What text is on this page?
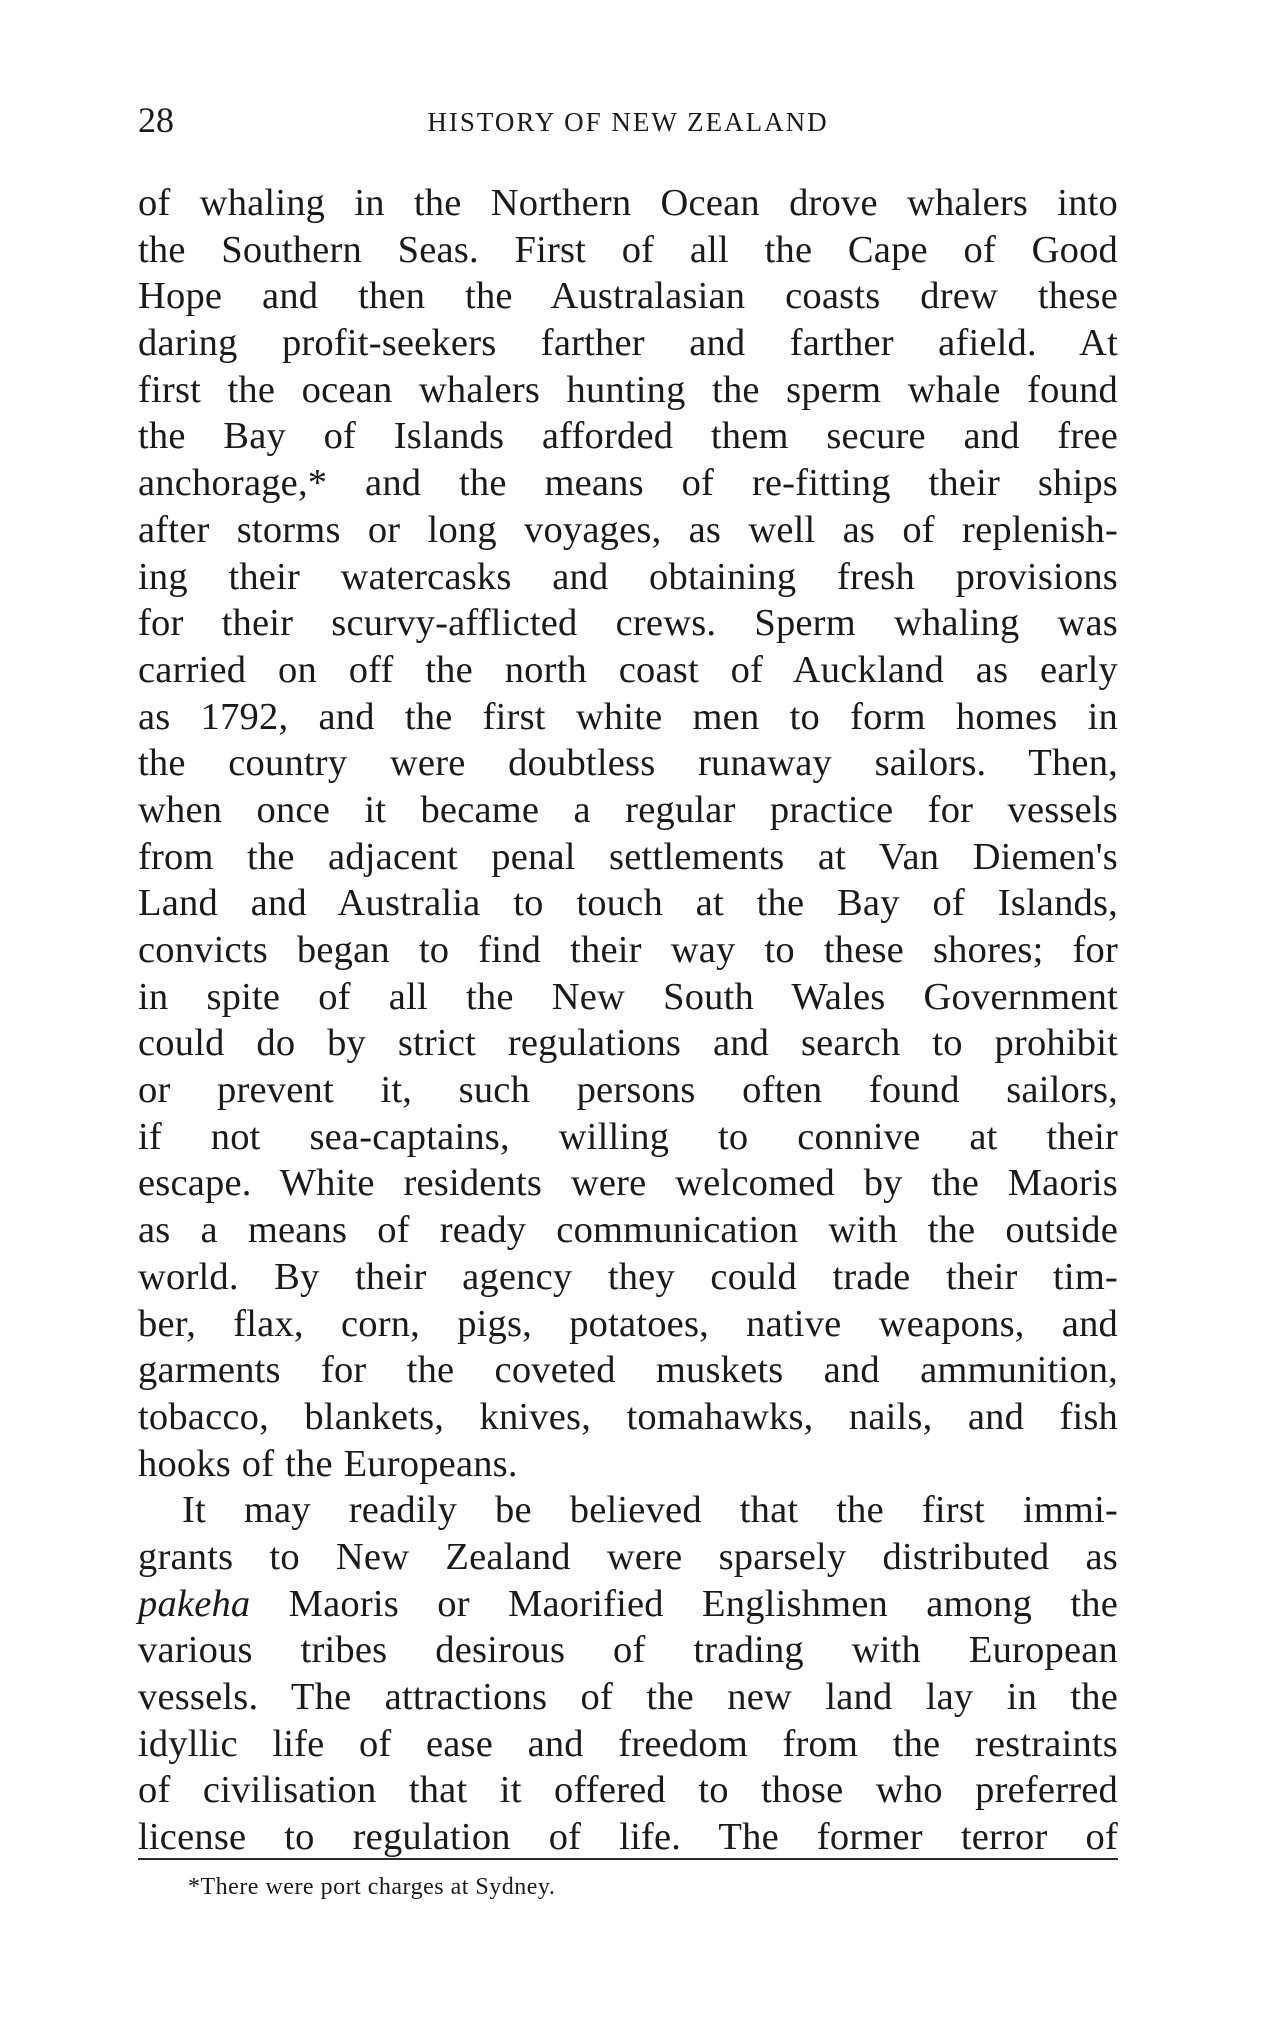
28	HISTORY OF NEW ZEALAND
of whaling in the Northern Ocean drove whalers into
the Southern Seas. First of all the Cape of Good
Hope and then the Australasian coasts drew these
daring profit-seekers farther and farther afield. At
first the ocean whalers hunting the sperm whale found
the Bay of Islands afforded them secure and free
anchorage,* and the means of re-fitting their ships
after storms or long voyages, as well as of replenish-
ing their watercasks and obtaining fresh provisions
for their scurvy-afflicted crews. Sperm whaling was
carried on off the north coast of Auckland as early
as 1792, and the first white men to form homes in
the country were doubtless runaway sailors. Then,
when once it became a regular practice for vessels
from the adjacent penal settlements at Van Diemen's
Land and Australia to touch at the Bay of Islands,
convicts began to find their way to these shores; for
in spite of all the New South Wales Government
could do by strict regulations and search to prohibit
or prevent it, such persons often found sailors,
if not sea-captains, willing to connive at their
escape. White residents were welcomed by the Maoris
as a means of ready communication with the outside
world. By their agency they could trade their tim-
ber, flax, corn, pigs, potatoes, native weapons, and
garments for the coveted muskets and ammunition,
tobacco, blankets, knives, tomahawks, nails, and fish
hooks of the Europeans.
It may readily be believed that the first immi-
grants to New Zealand were sparsely distributed as
pakeha Maoris or Maorified Englishmen among the
various tribes desirous of trading with European
vessels. The attractions of the new land lay in the
idyllic life of ease and freedom from the restraints
of civilisation that it offered to those who preferred
license to regulation of life. The former terror of
*There were port charges at Sydney.
